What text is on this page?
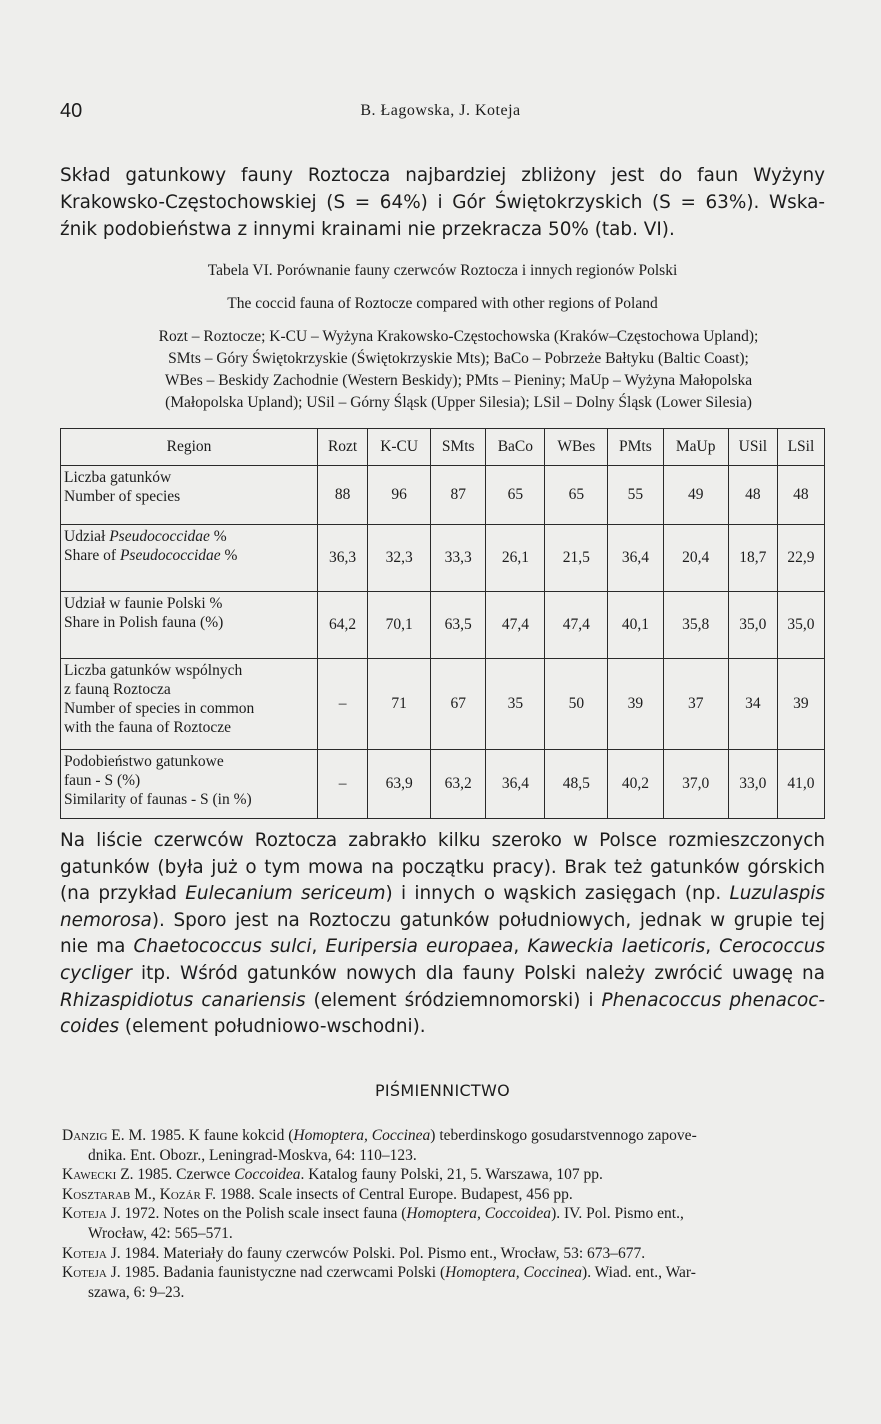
40	B. Łagowska, J. Koteja
Skład gatunkowy fauny Roztocza najbardziej zbliżony jest do faun Wyżyny
Krakowsko-Częstochowskiej (S = 64%) i Gór Świętokrzyskich (S = 63%). Wska-
źnik podobieństwa z innymi krainami nie przekracza 50% (tab. VI).
Tabela VI. Porównanie fauny czerwców Roztocza i innych regionów Polski
The coccid fauna of Roztocze compared with other regions of Poland
Rozt – Roztocze; K-CU – Wyżyna Krakowsko-Częstochowska (Kraków–Częstochowa Upland);
SMts – Góry Świętokrzyskie (Świętokrzyskie Mts); BaCo – Pobrzeże Bałtyku (Baltic Coast);
WBes – Beskidy Zachodnie (Western Beskidy); PMts – Pieniny; MaUp – Wyżyna Małopolska
(Małopolska Upland); USil – Górny Śląsk (Upper Silesia); LSil – Dolny Śląsk (Lower Silesia)
Region	Rozt	K-CU	SMts	BaCo	WBes	PMts	MaUp	USil	LSil
Liczba gatunków
Number of species	88	96	87	65	65	55	49	48	48
Udział Pseudococcidae %
Share of Pseudococcidae %	36,3	32,3	33,3	26,1	21,5	36,4	20,4	18,7	22,9
Udział w faunie Polski %
Share in Polish fauna (%)	64,2	70,1	63,5	47,4	47,4	40,1	35,8	35,0	35,0
Liczba gatunków wspólnych
z fauną Roztocza
Number of species in common
with the fauna of Roztocze	–	71	67	35	50	39	37	34	39
Podobieństwo gatunkowe
faun - S (%)
Similarity of faunas - S (in %)	–	63,9	63,2	36,4	48,5	40,2	37,0	33,0	41,0
Na liście czerwców Roztocza zabrakło kilku szeroko w Polsce rozmieszczonych
gatunków (była już o tym mowa na początku pracy). Brak też gatunków górskich
(na przykład Eulecanium sericeum) i innych o wąskich zasięgach (np. Luzulaspis
nemorosa). Sporo jest na Roztoczu gatunków południowych, jednak w grupie tej
nie ma Chaetococcus sulci, Euripersia europaea, Kaweckia laeticoris, Cerococcus
cycliger itp. Wśród gatunków nowych dla fauny Polski należy zwrócić uwagę na
Rhizaspidiotus canariensis (element śródziemnomorski) i Phenacoccus phenacoc-
coides (element południowo-wschodni).
PIŚMIENNICTWO
Danzig E. M. 1985. K faune kokcid (Homoptera, Coccinea) teberdinskogo gosudarstvennogo zapove-
dnika. Ent. Obozr., Leningrad-Moskva, 64: 110–123.
Kawecki Z. 1985. Czerwce Coccoidea. Katalog fauny Polski, 21, 5. Warszawa, 107 pp.
Kosztarab M., Kozár F. 1988. Scale insects of Central Europe. Budapest, 456 pp.
Koteja J. 1972. Notes on the Polish scale insect fauna (Homoptera, Coccoidea). IV. Pol. Pismo ent.,
Wrocław, 42: 565–571.
Koteja J. 1984. Materiały do fauny czerwców Polski. Pol. Pismo ent., Wrocław, 53: 673–677.
Koteja J. 1985. Badania faunistyczne nad czerwcami Polski (Homoptera, Coccinea). Wiad. ent., War-
szawa, 6: 9–23.
